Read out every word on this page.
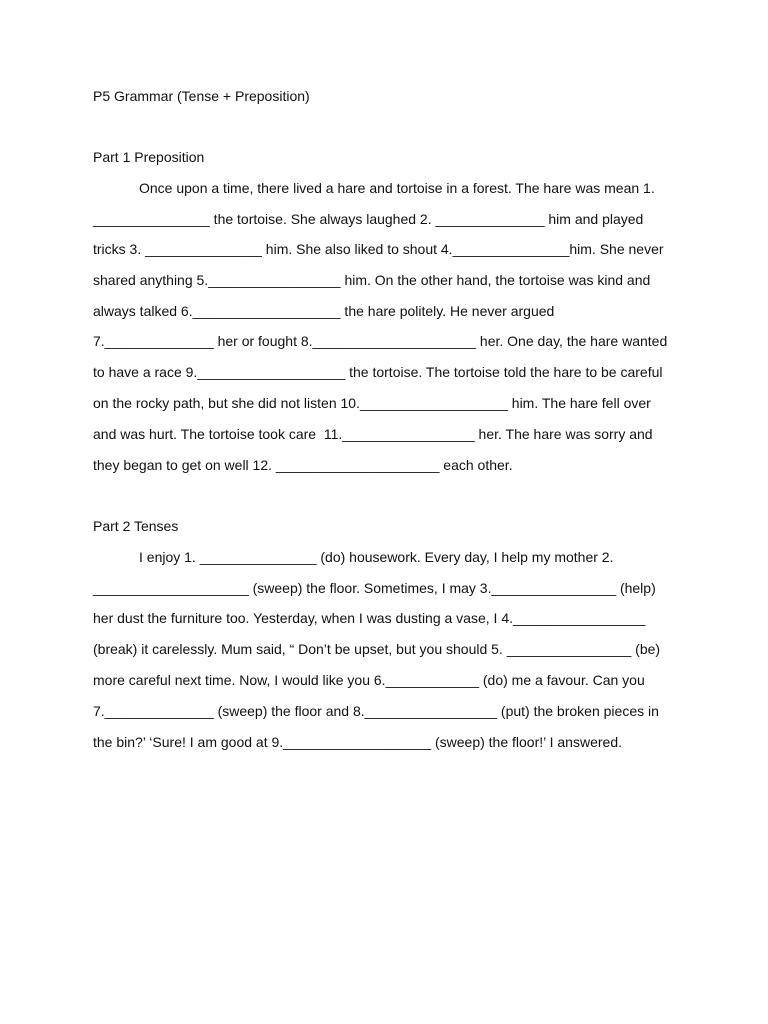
P5 Grammar (Tense + Preposition)
Part 1 Preposition
Once upon a time, there lived a hare and tortoise in a forest. The hare was mean 1.
_______________ the tortoise. She always laughed 2. ______________ him and played
tricks 3. _______________ him. She also liked to shout 4._______________him. She never
shared anything 5._________________ him. On the other hand, the tortoise was kind and
always talked 6.___________________ the hare politely. He never argued
7.______________ her or fought 8._____________________ her. One day, the hare wanted
to have a race 9.___________________ the tortoise. The tortoise told the hare to be careful
on the rocky path, but she did not listen 10.___________________ him. The hare fell over
and was hurt. The tortoise took care  11._________________ her. The hare was sorry and
they began to get on well 12. _____________________ each other.
Part 2 Tenses
I enjoy 1. _______________ (do) housework. Every day, I help my mother 2.
____________________ (sweep) the floor. Sometimes, I may 3.________________ (help)
her dust the furniture too. Yesterday, when I was dusting a vase, I 4._________________
(break) it carelessly. Mum said, “ Don’t be upset, but you should 5. ________________ (be)
more careful next time. Now, I would like you 6.____________ (do) me a favour. Can you
7.______________ (sweep) the floor and 8._________________ (put) the broken pieces in
the bin?’ ‘Sure! I am good at 9.___________________ (sweep) the floor!’ I answered.
